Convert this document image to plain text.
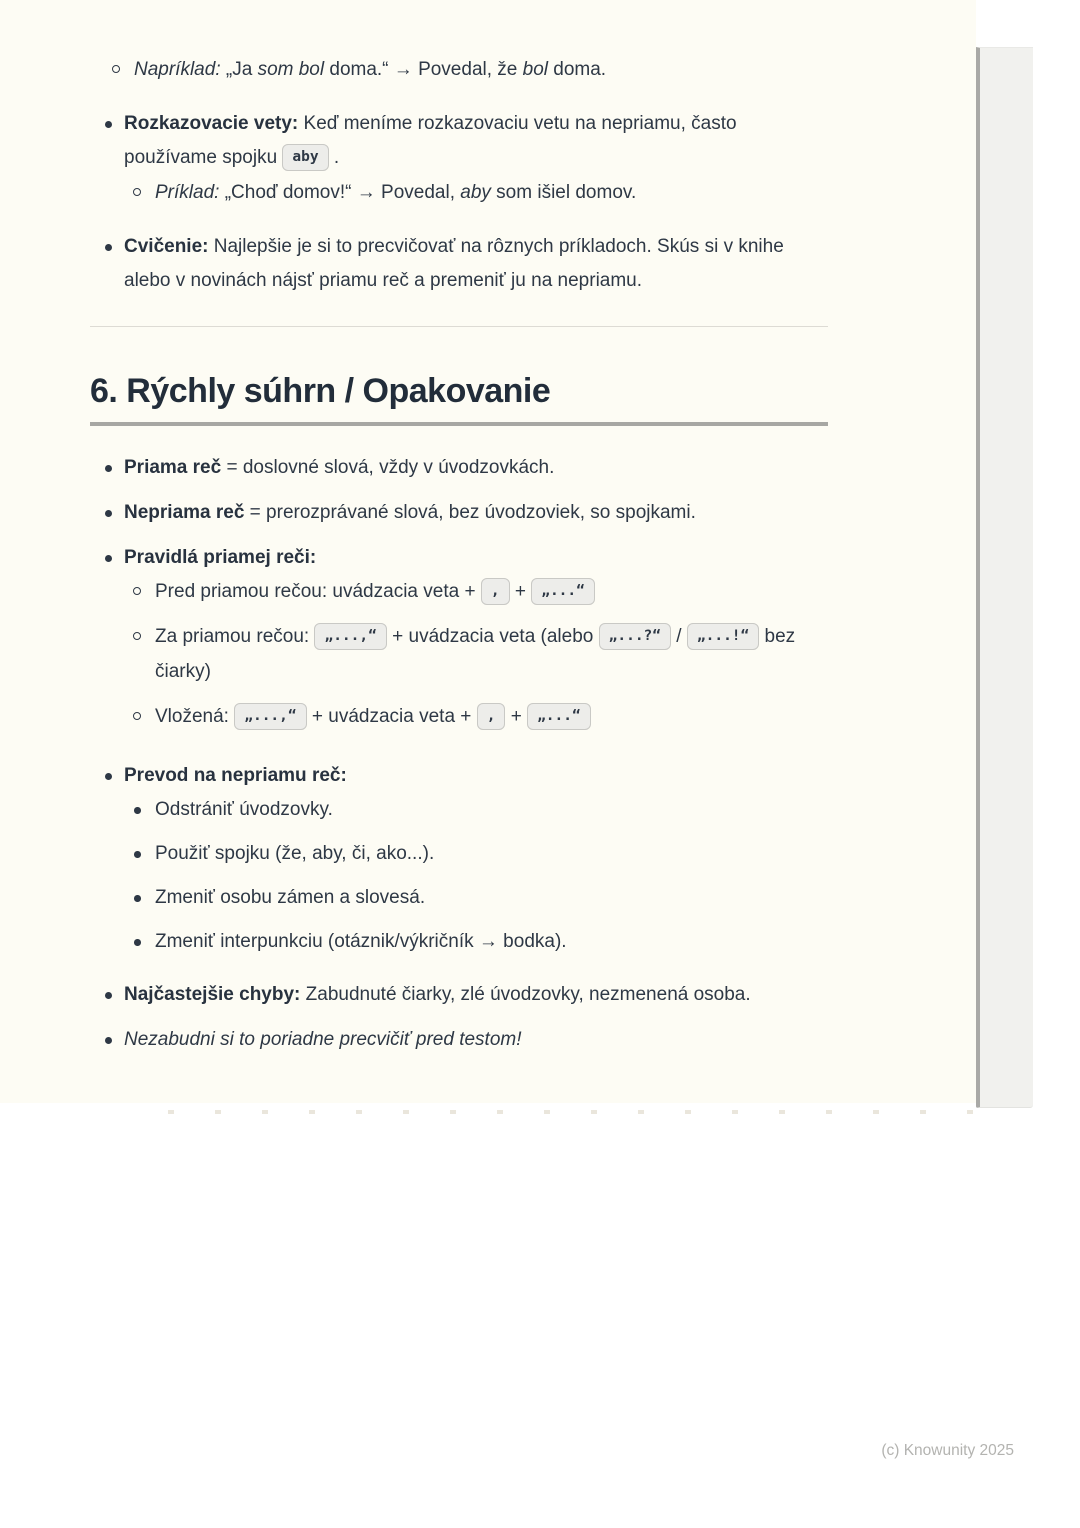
Napríklad: „Ja som bol doma.“ → Povedal, že bol doma.
Rozkazovacie vety: Keď meníme rozkazovaciu vetu na nepriamu, často používame spojku aby .
Príklad: „Choď domov!“ → Povedal, aby som išiel domov.
Cvičenie: Najlepšie je si to precvičovať na rôznych príkladoch. Skús si v knihe alebo v novinách nájsť priamu reč a premeniť ju na nepriamu.
6. Rýchly súhrn / Opakovanie
Priama reč = doslovné slová, vždy v úvodzovkách.
Nepriama reč = prerozprávané slová, bez úvodzoviek, so spojkami.
Pravidlá priamej reči:
Pred priamou rečou: uvádzacia veta + , + „...“
Za priamou rečou: „...,“ + uvádzacia veta (alebo „...?“ / „...!“ bez čiarky)
Vložená: „...,“ + uvádzacia veta + , + „...“
Prevod na nepriamu reč:
Odstrániť úvodzovky.
Použiť spojku (že, aby, či, ako...).
Zmeniť osobu zámen a slovesá.
Zmeniť interpunkciu (otáznik/výkričník → bodka).
Najčastejšie chyby: Zabudnuté čiarky, zlé úvodzovky, nezmenená osoba.
Nezabudni si to poriadne precvičiť pred testom!
(c) Knowunity 2025
